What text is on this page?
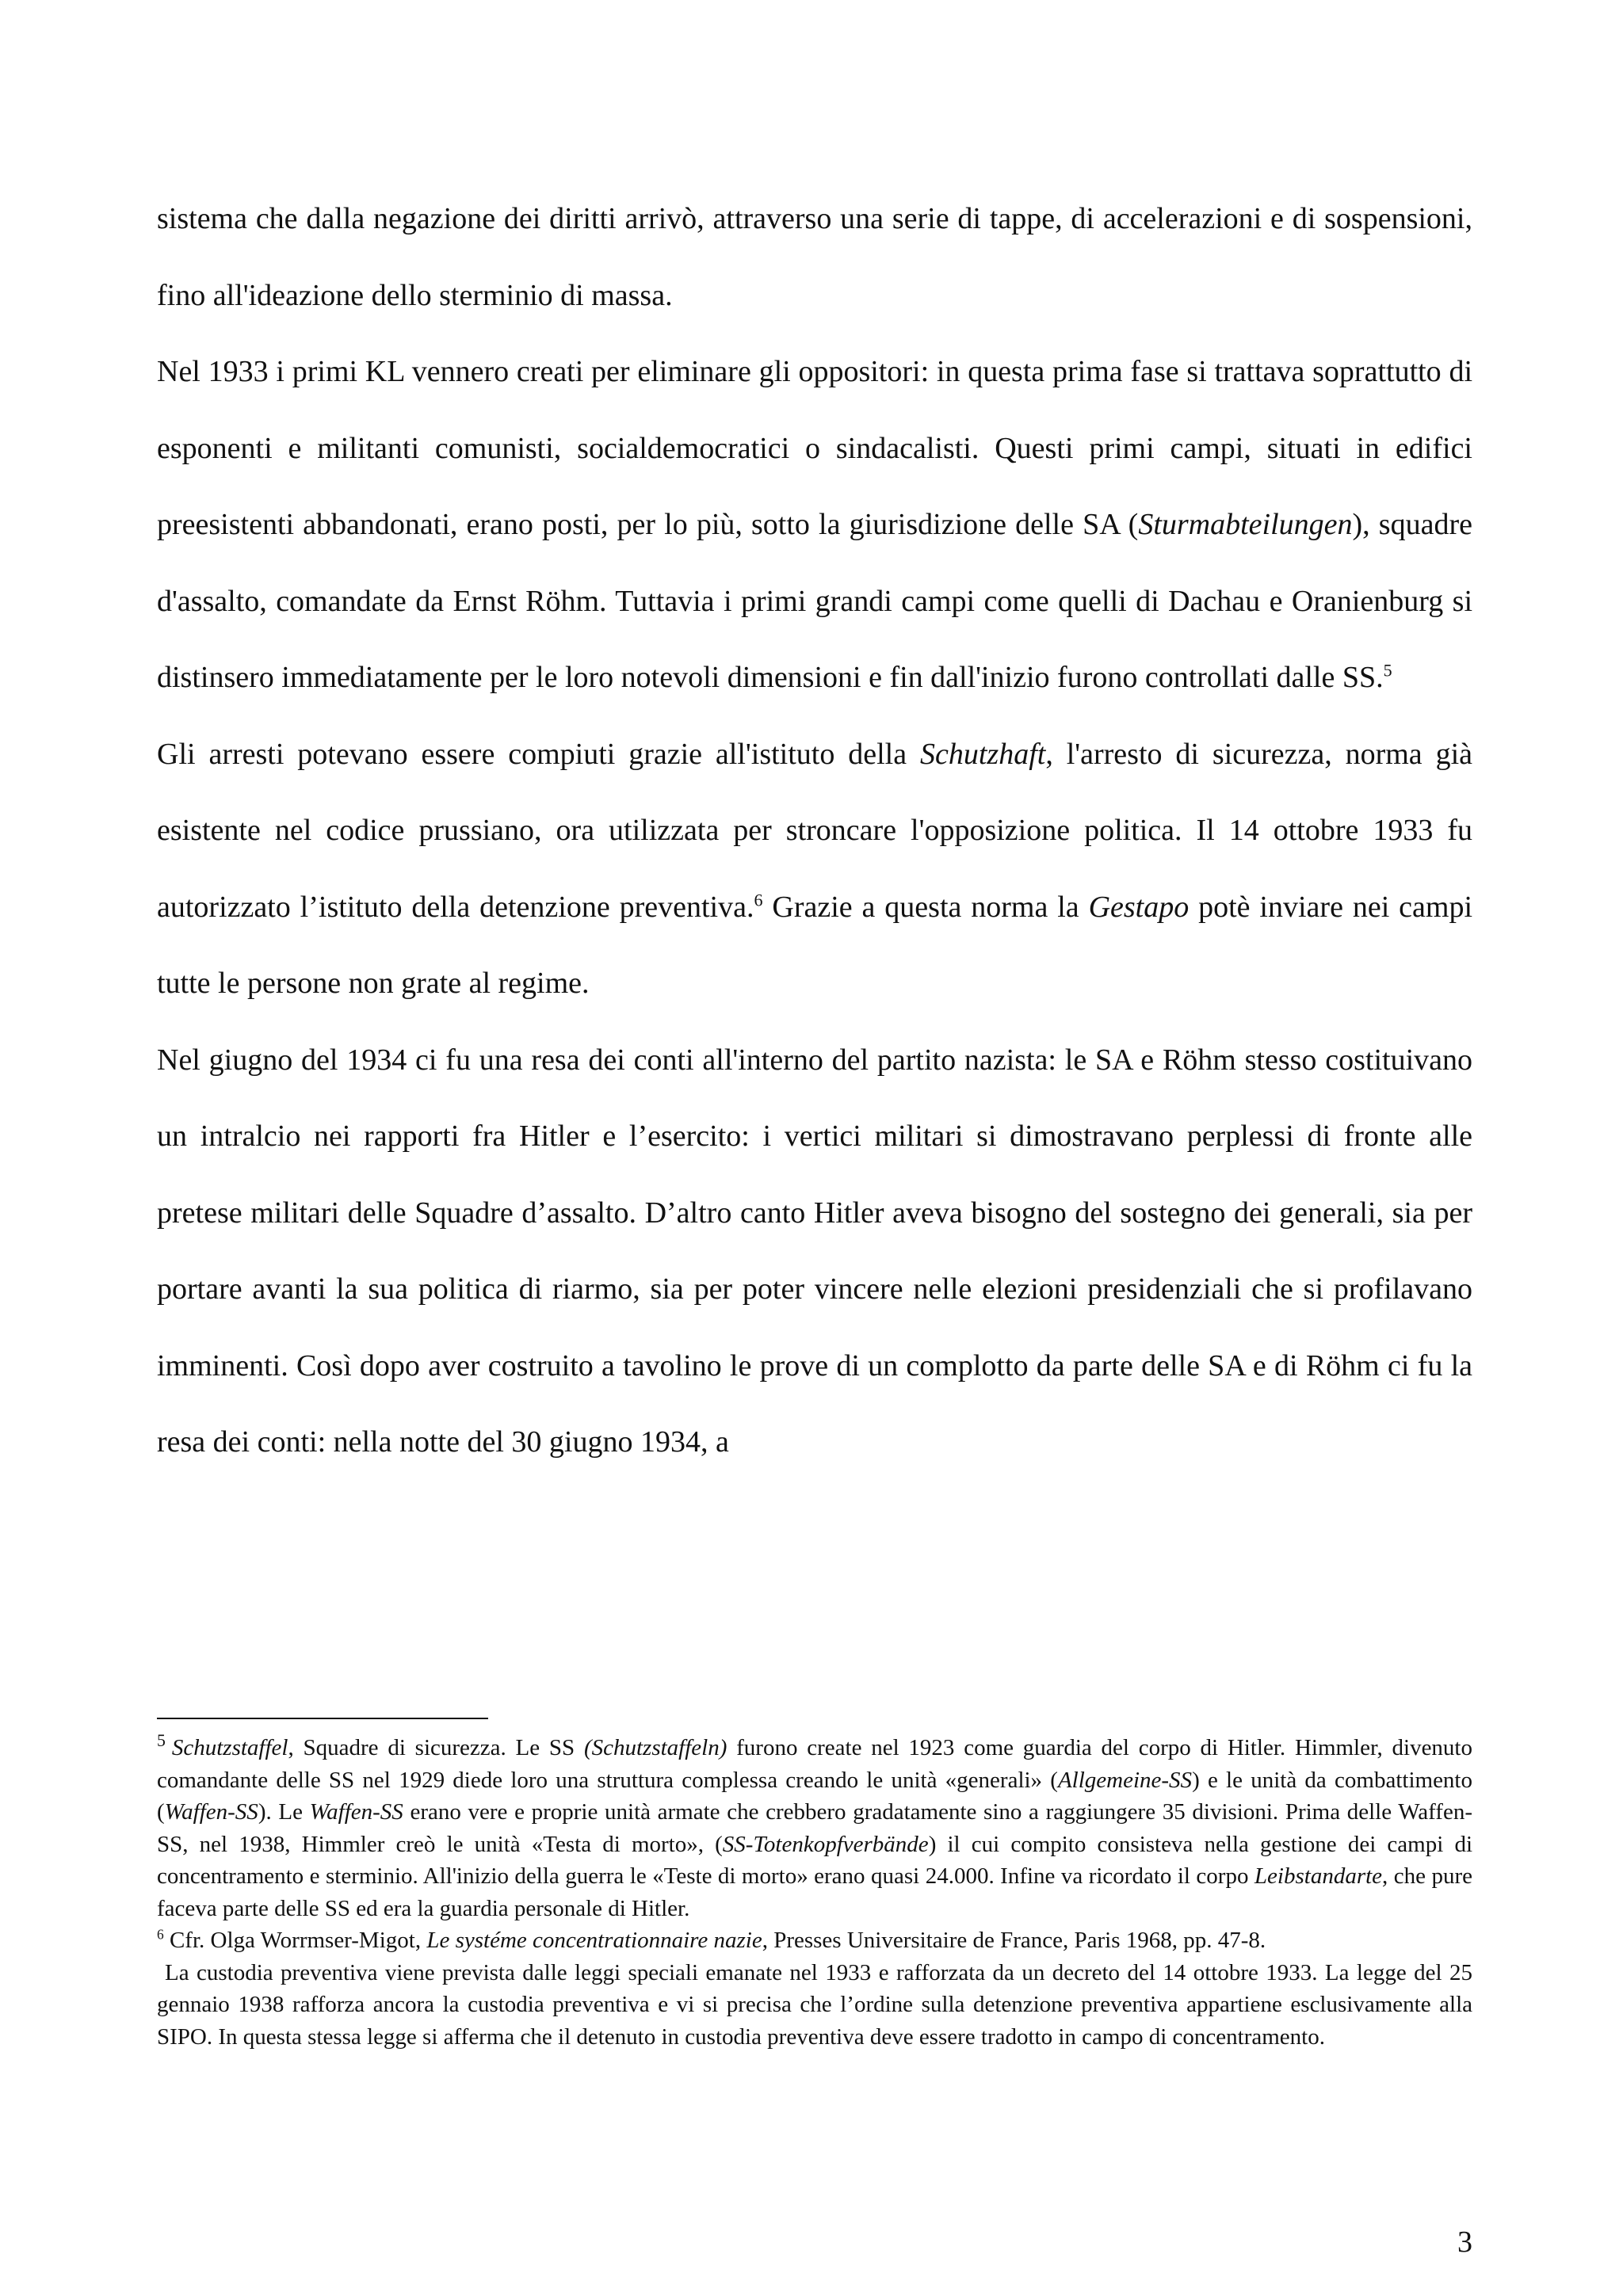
sistema che dalla negazione dei diritti arrivò, attraverso una serie di tappe, di accelerazioni e di sospensioni, fino all'ideazione dello sterminio di massa.

Nel 1933 i primi KL vennero creati per eliminare gli oppositori: in questa prima fase si trattava soprattutto di esponenti e militanti comunisti, socialdemocratici o sindacalisti. Questi primi campi, situati in edifici preesistenti abbandonati, erano posti, per lo più, sotto la giurisdizione delle SA (Sturmabteilungen), squadre d'assalto, comandate da Ernst Röhm. Tuttavia i primi grandi campi come quelli di Dachau e Oranienburg si distinsero immediatamente per le loro notevoli dimensioni e fin dall'inizio furono controllati dalle SS.$^5$

Gli arresti potevano essere compiuti grazie all'istituto della Schutzhaft, l'arresto di sicurezza, norma già esistente nel codice prussiano, ora utilizzata per stroncare l'opposizione politica. Il 14 ottobre 1933 fu autorizzato l’istituto della detenzione preventiva.$^6$ Grazie a questa norma la Gestapo potè inviare nei campi tutte le persone non grate al regime.

Nel giugno del 1934 ci fu una resa dei conti all'interno del partito nazista: le SA e Röhm stesso costituivano un intralcio nei rapporti fra Hitler e l’esercito: i vertici militari si dimostravano perplessi di fronte alle pretese militari delle Squadre d’assalto. D’altro canto Hitler aveva bisogno del sostegno dei generali, sia per portare avanti la sua politica di riarmo, sia per poter vincere nelle elezioni presidenziali che si profilavano imminenti. Così dopo aver costruito a tavolino le prove di un complotto da parte delle SA e di Röhm ci fu la resa dei conti: nella notte del 30 giugno 1934, a

$^5$ Schutzstaffel, Squadre di sicurezza. Le SS (Schutzstaffeln) furono create nel 1923 come guardia del corpo di Hitler. Himmler, divenuto comandante delle SS nel 1929 diede loro una struttura complessa creando le unità «generali» (Allgemeine-SS) e le unità da combattimento (Waffen-SS). Le Waffen-SS erano vere e proprie unità armate che crebbero gradatamente sino a raggiungere 35 divisioni. Prima delle Waffen-SS, nel 1938, Himmler creò le unità «Testa di morto», (SS-Totenkopfverbände) il cui compito consisteva nella gestione dei campi di concentramento e sterminio. All'inizio della guerra le «Teste di morto» erano quasi 24.000. Infine va ricordato il corpo Leibstandarte, che pure faceva parte delle SS ed era la guardia personale di Hitler.

$^6$ Cfr. Olga Worrmser-Migot, Le systéme concentrationnaire nazie, Presses Universitaire de France, Paris 1968, pp. 47-8.

La custodia preventiva viene prevista dalle leggi speciali emanate nel 1933 e rafforzata da un decreto del 14 ottobre 1933. La legge del 25 gennaio 1938 rafforza ancora la custodia preventiva e vi si precisa che l’ordine sulla detenzione preventiva appartiene esclusivamente alla SIPO. In questa stessa legge si afferma che il detenuto in custodia preventiva deve essere tradotto in campo di concentramento.

3
